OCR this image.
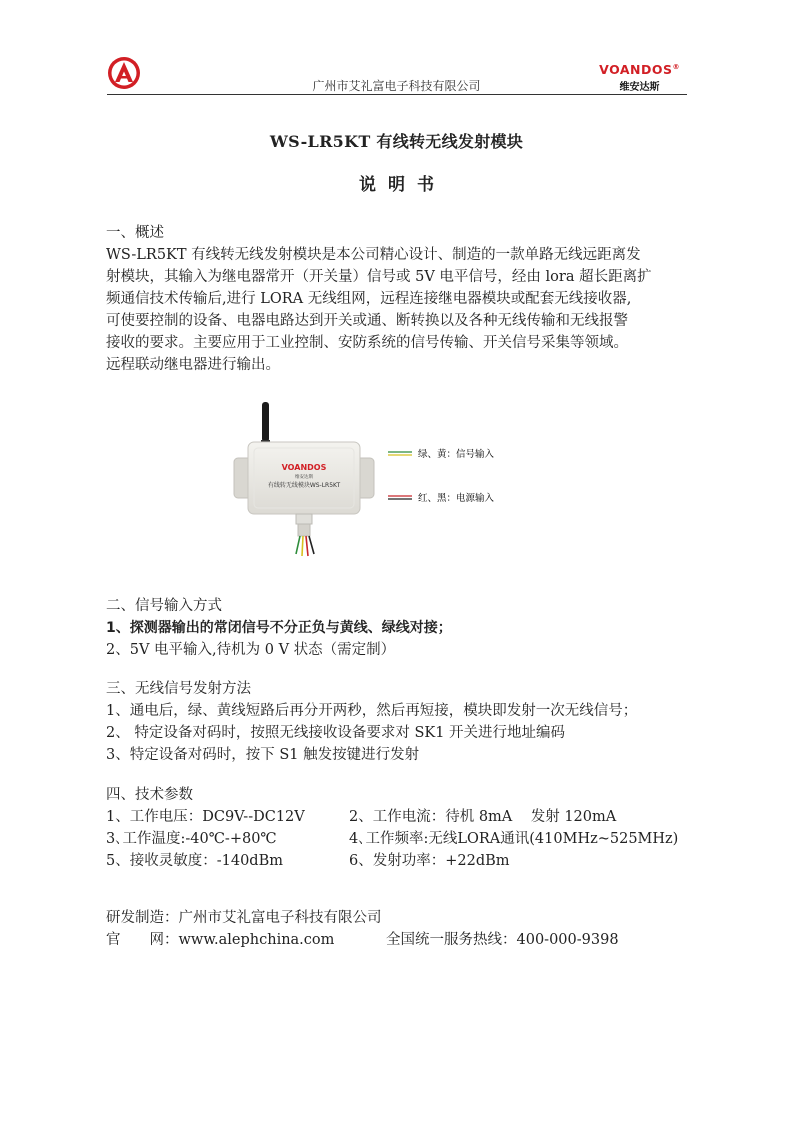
广州市艾礼富电子科技有限公司
VOANDOS®
维安达斯
WS-LR5KT 有线转无线发射模块
说明书
一、概述
WS-LR5KT 有线转无线发射模块是本公司精心设计、制造的一款单路无线远距离发
射模块，其输入为继电器常开（开关量）信号或 5V 电平信号，经由 lora 超长距离扩
频通信技术传输后,进行 LORA 无线组网，远程连接继电器模块或配套无线接收器,
可使要控制的设备、电器电路达到开关或通、断转换以及各种无线传输和无线报警
接收的要求。主要应用于工业控制、安防系统的信号传输、开关信号采集等领域。
远程联动继电器进行输出。
VOANDOS
维安达斯
有线转无线模块WS-LR5KT
绿、黄：信号输入
红、黑：电源输入
二、信号输入方式
1、探测器输出的常闭信号不分正负与黄线、绿线对接；
2、5V 电平输入,待机为 0 V 状态（需定制）
三、无线信号发射方法
1、通电后，绿、黄线短路后再分开两秒，然后再短接，模块即发射一次无线信号；
2、 特定设备对码时，按照无线接收设备要求对 SK1 开关进行地址编码
3、特定设备对码时，按下 S1 触发按键进行发射
四、技术参数
1、工作电压：DC9V--DC12V	2、工作电流：待机 8mA    发射 120mA
3､工作温度:-40℃-+80℃	4､工作频率:无线LORA通讯(410MHz~525MHz)
5、接收灵敏度：-140dBm	6、发射功率：+22dBm
研发制造：广州市艾礼富电子科技有限公司
官　　网：www.alephchina.com	全国统一服务热线：400-000-9398
